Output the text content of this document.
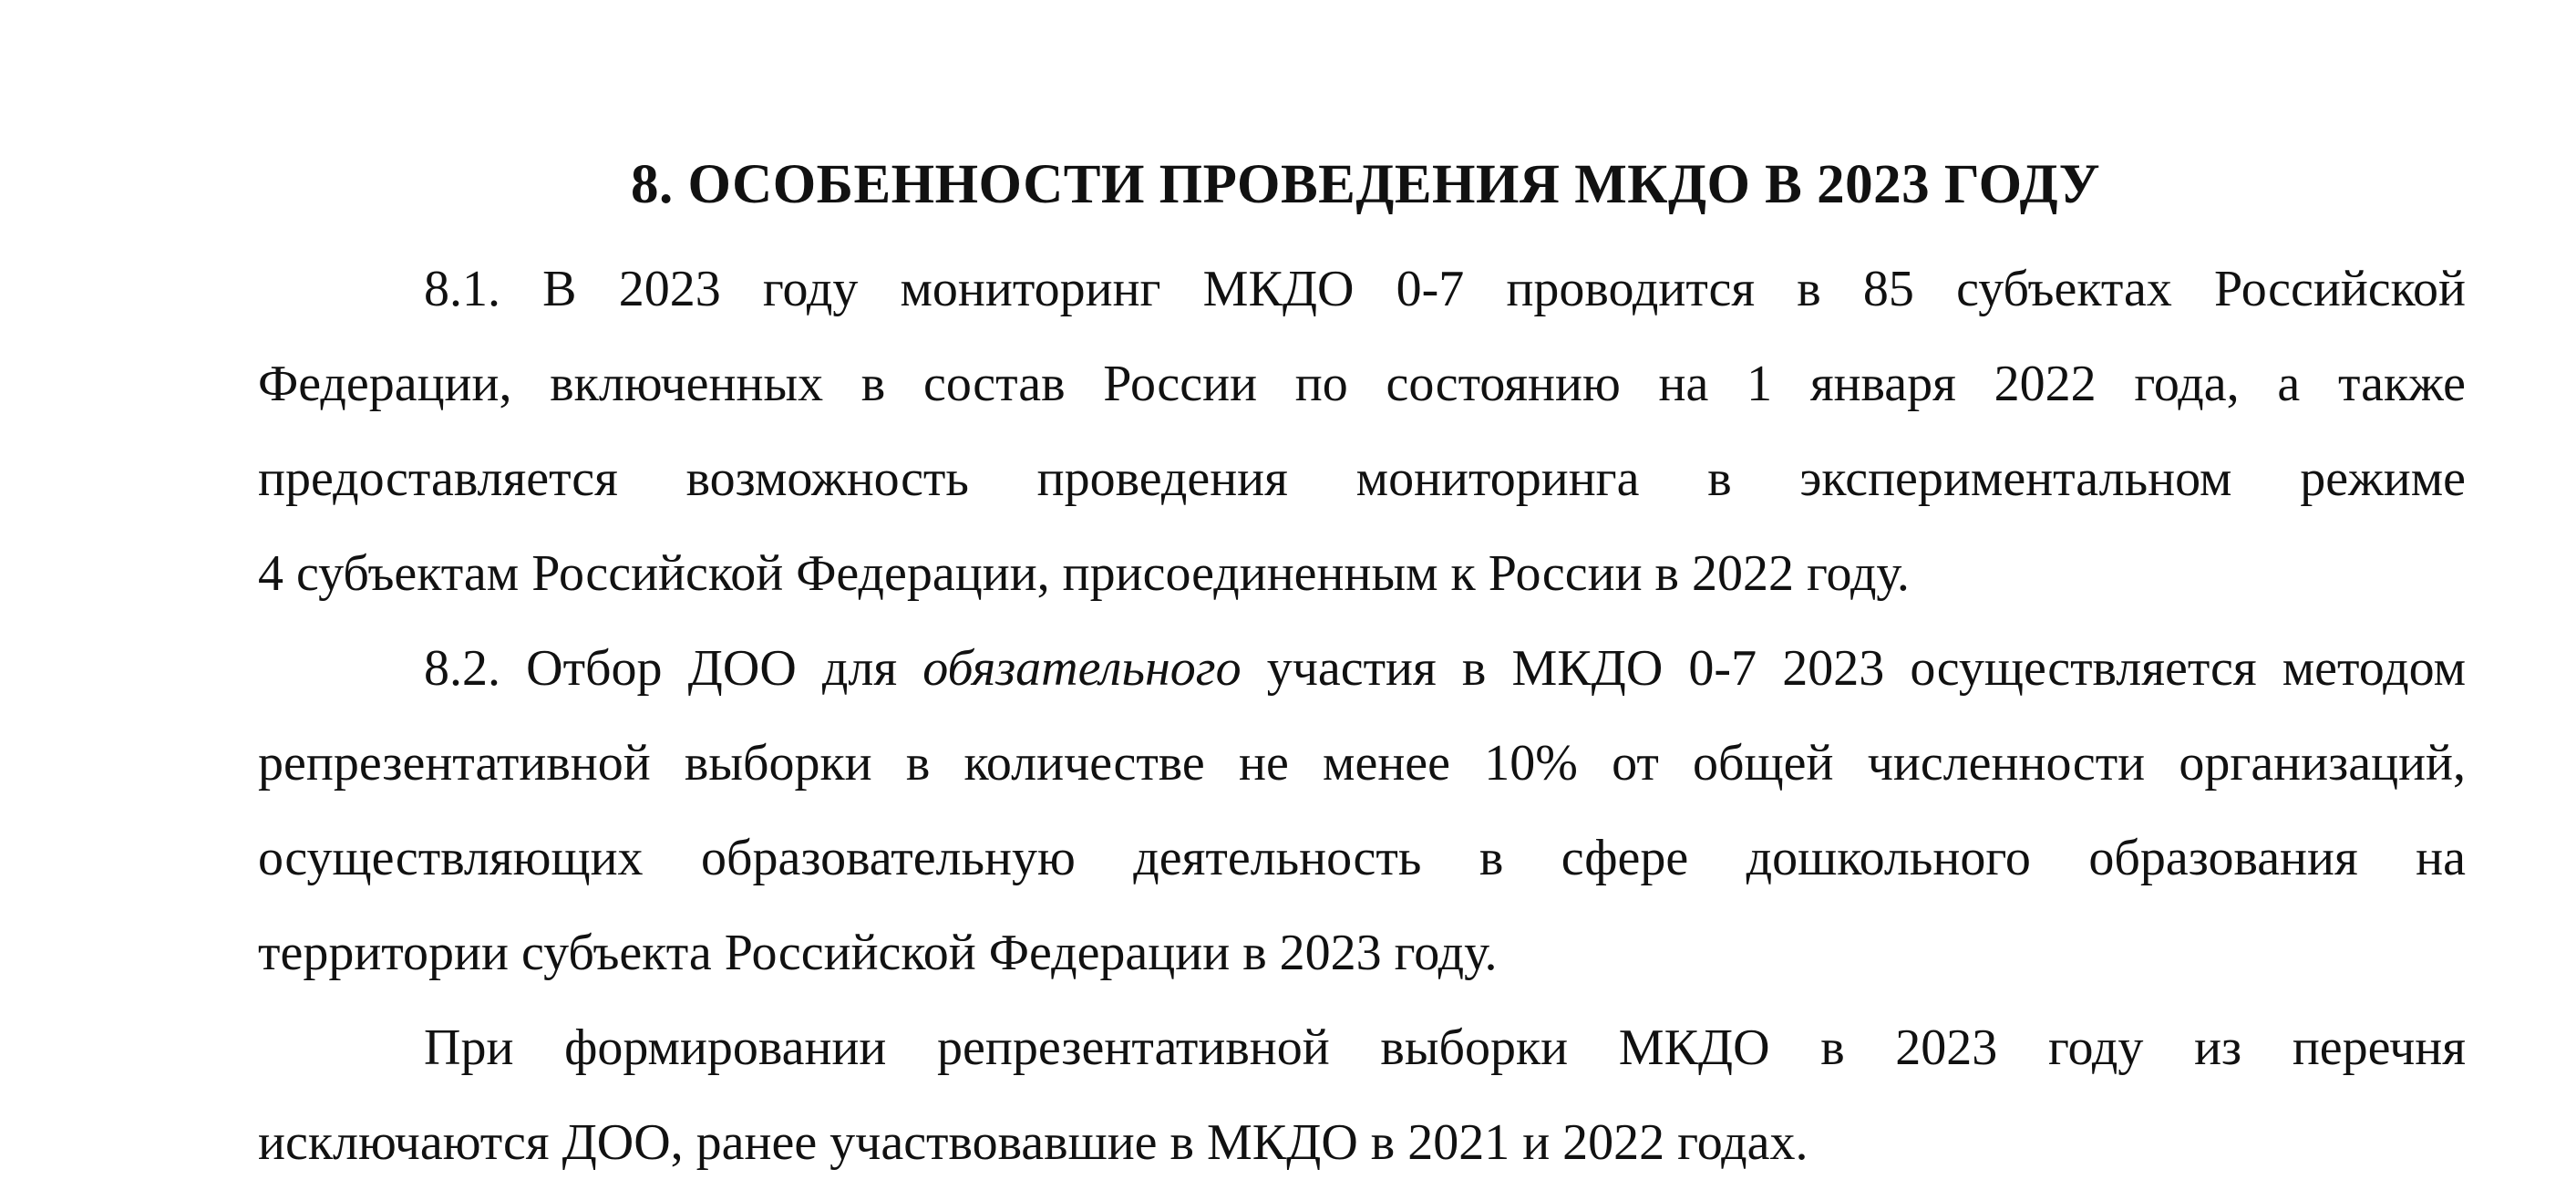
8. ОСОБЕННОСТИ ПРОВЕДЕНИЯ МКДО В 2023 ГОДУ
8.1. В 2023 году мониторинг МКДО 0-7 проводится в 85 субъектах Российской
Федерации, включенных в состав России по состоянию на 1 января 2022 года, а также
предоставляется возможность проведения мониторинга в экспериментальном режиме
4 субъектам Российской Федерации, присоединенным к России в 2022 году.
8.2. Отбор ДОО для обязательного участия в МКДО 0-7 2023 осуществляется методом
репрезентативной выборки в количестве не менее 10% от общей численности организаций,
осуществляющих образовательную деятельность в сфере дошкольного образования на
территории субъекта Российской Федерации в 2023 году.
При формировании репрезентативной выборки МКДО в 2023 году из перечня
исключаются ДОО, ранее участвовавшие в МКДО в 2021 и 2022 годах.
